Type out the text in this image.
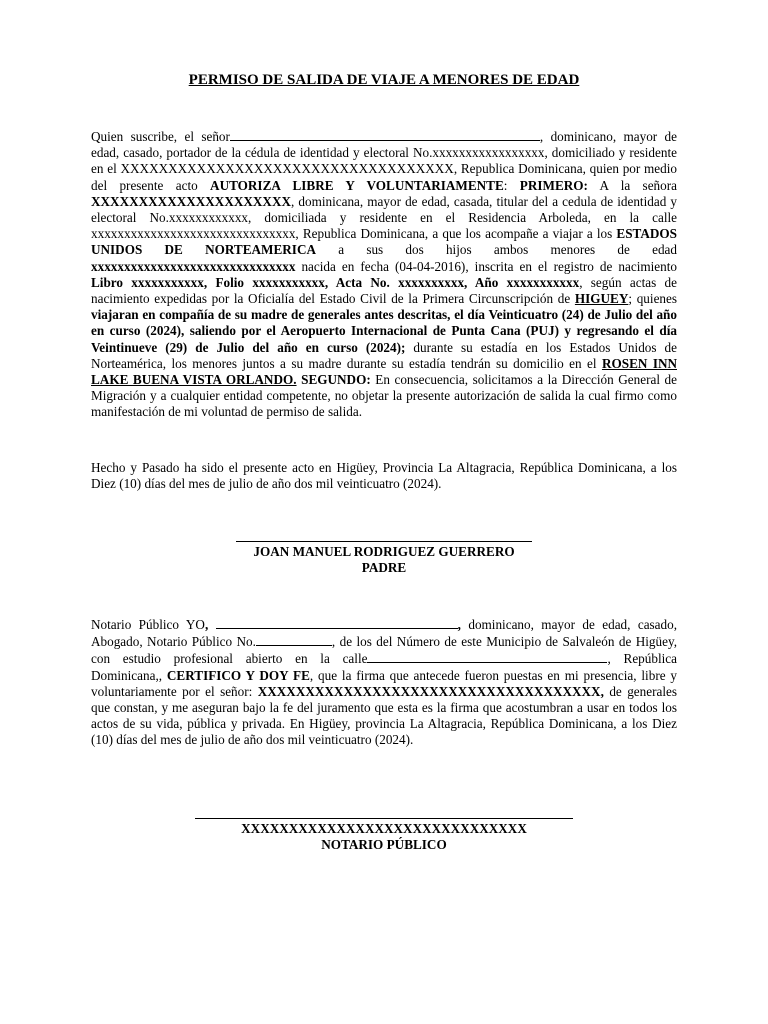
PERMISO DE SALIDA DE VIAJE A MENORES DE EDAD
Quien suscribe, el señor	, dominicano, mayor de edad, casado, portador de la cédula de identidad y electoral No.xxxxxxxxxxxxxxxxx, domiciliado y residente en el XXXXXXXXXXXXXXXXXXXXXXXXXXXXXXXXXXX, Republica Dominicana, quien por medio del presente acto AUTORIZA LIBRE Y VOLUNTARIAMENTE: PRIMERO: A la señora XXXXXXXXXXXXXXXXXXXXX, dominicana, mayor de edad, casada, titular del a cedula de identidad y electoral No.xxxxxxxxxxxx, domiciliada y residente en el Residencia Arboleda, en la calle xxxxxxxxxxxxxxxxxxxxxxxxxxxxxxx, Republica Dominicana, a que los acompañe a viajar a los ESTADOS UNIDOS DE NORTEAMERICA a sus dos hijos ambos menores de edad xxxxxxxxxxxxxxxxxxxxxxxxxxxxxxx nacida en fecha (04-04-2016), inscrita en el registro de nacimiento Libro xxxxxxxxxxx, Folio xxxxxxxxxxx, Acta No. xxxxxxxxxx, Año xxxxxxxxxxx, según actas de nacimiento expedidas por la Oficialía del Estado Civil de la Primera Circunscripción de HIGUEY; quienes viajaran en compañía de su madre de generales antes descritas, el día Veinticuatro (24) de Julio del año en curso (2024), saliendo por el Aeropuerto Internacional de Punta Cana (PUJ) y regresando el día Veintinueve (29) de Julio del año en curso (2024); durante su estadía en los Estados Unidos de Norteamérica, los menores juntos a su madre durante su estadía tendrán su domicilio en el ROSEN INN LAKE BUENA VISTA ORLANDO. SEGUNDO: En consecuencia, solicitamos a la Dirección General de Migración y a cualquier entidad competente, no objetar la presente autorización de salida la cual firmo como manifestación de mi voluntad de permiso de salida.
Hecho y Pasado ha sido el presente acto en Higüey, Provincia La Altagracia, República Dominicana, a los Diez (10) días del mes de julio de año dos mil veinticuatro (2024).
JOAN MANUEL RODRIGUEZ GUERRERO
PADRE
Notario Público YO,	, dominicano, mayor de edad, casado, Abogado, Notario Público No.	, de los del Número de este Municipio de Salvaleón de Higüey, con estudio profesional abierto en la calle	, República Dominicana,, CERTIFICO Y DOY FE, que la firma que antecede fueron puestas en mi presencia, libre y voluntariamente por el señor: XXXXXXXXXXXXXXXXXXXXXXXXXXXXXXXXXXXX, de generales que constan, y me aseguran bajo la fe del juramento que esta es la firma que acostumbran a usar en todos los actos de su vida, pública y privada. En Higüey, provincia La Altagracia, República Dominicana, a los Diez (10) días del mes de julio de año dos mil veinticuatro (2024).
XXXXXXXXXXXXXXXXXXXXXXXXXXXXXX
NOTARIO PÚBLICO
